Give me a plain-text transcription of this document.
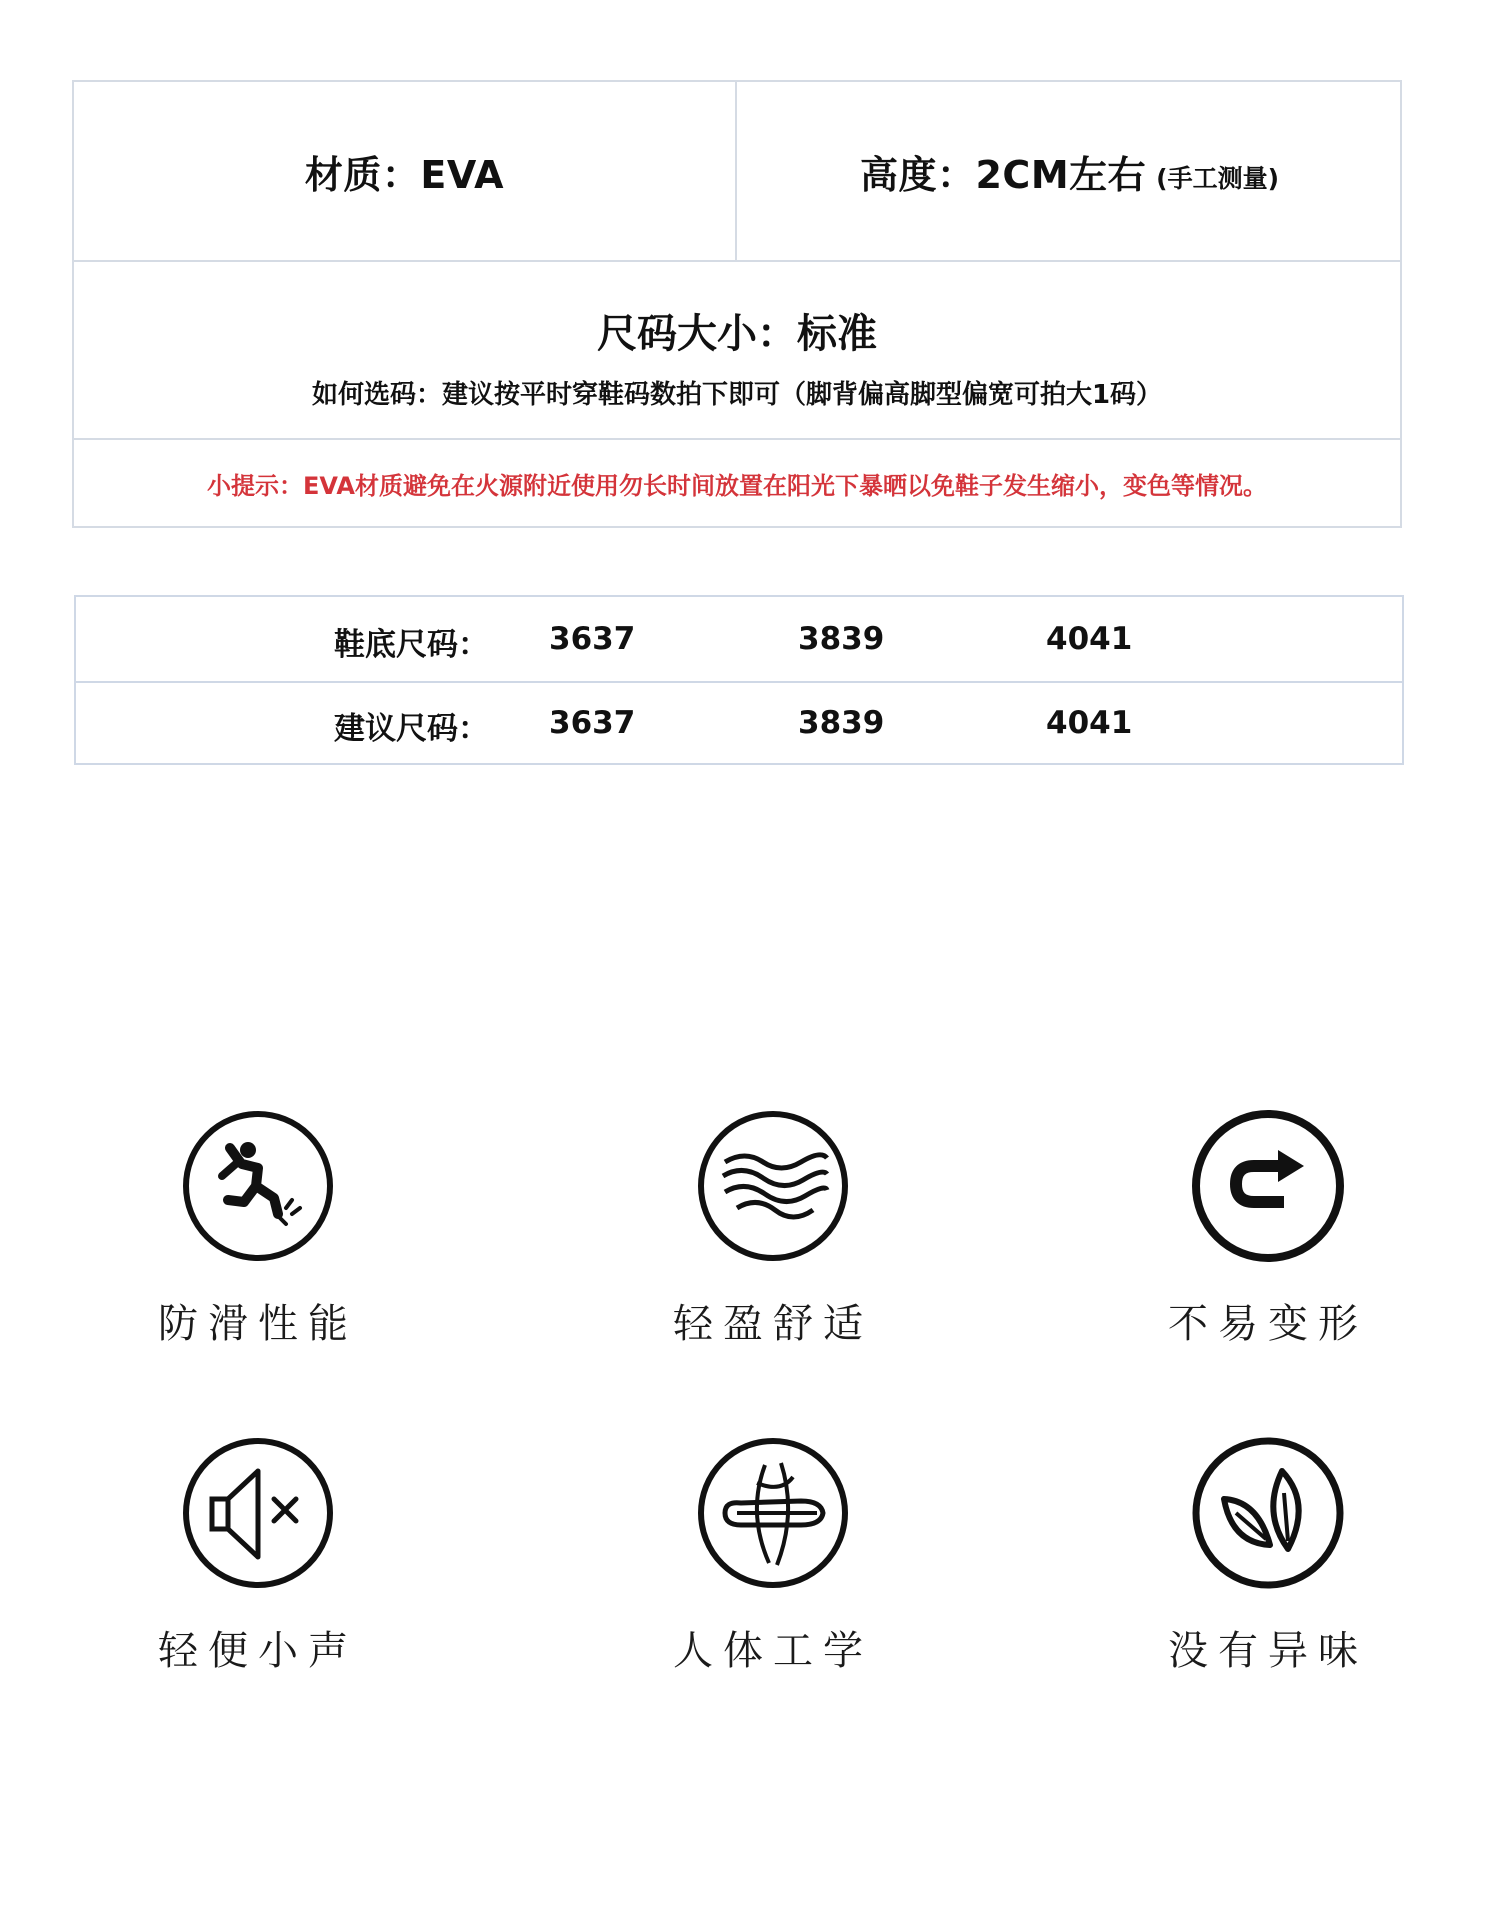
材质：EVA	高度：2CM左右 (手工测量)
尺码大小：标准
如何选码：建议按平时穿鞋码数拍下即可（脚背偏高脚型偏宽可拍大1码）
小提示：EVA材质避免在火源附近使用勿长时间放置在阳光下暴晒以免鞋子发生缩小，变色等情况。
鞋底尺码： 3637	3839	4041
建议尺码： 3637	3839	4041
防滑性能	轻盈舒适	不易变形
轻便小声	人体工学	没有异味
